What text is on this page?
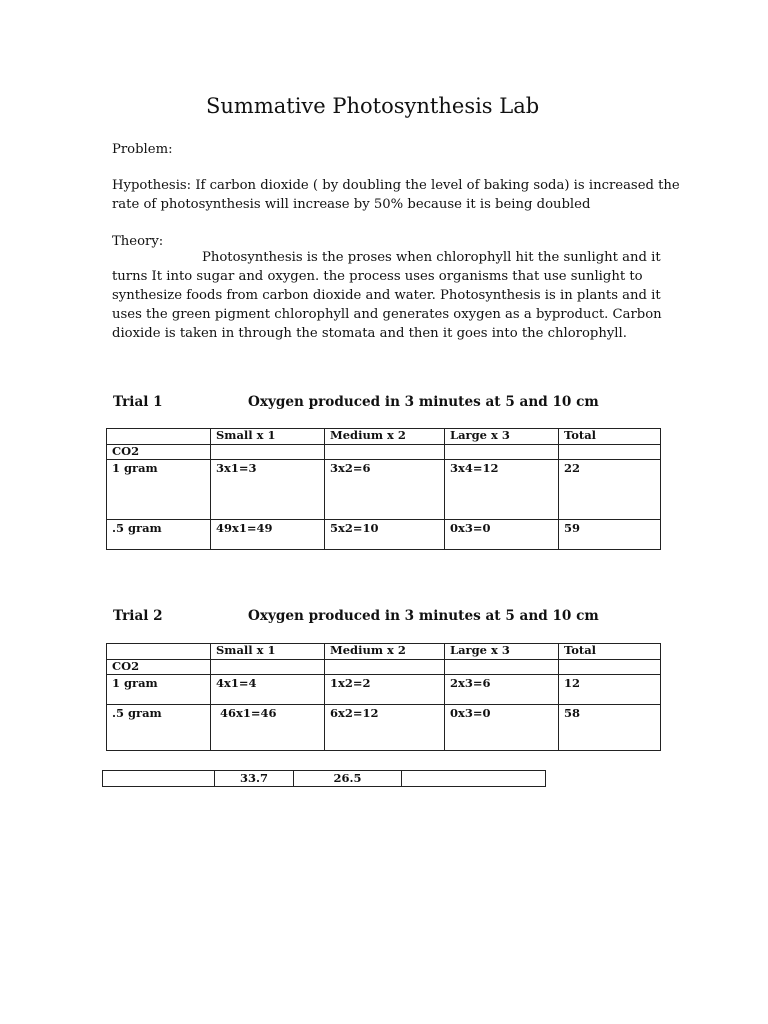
Summative Photosynthesis Lab
Problem:
Hypothesis: If carbon dioxide ( by doubling the level of baking soda) is increased the
rate of photosynthesis will increase by 50% because it is being doubled
Theory:
Photosynthesis is the proses when chlorophyll hit the sunlight and it
turns It into sugar and oxygen. the process uses organisms that use sunlight to
synthesize foods from carbon dioxide and water. Photosynthesis is in plants and it
uses the green pigment chlorophyll and generates oxygen as a byproduct. Carbon
dioxide is taken in through the stomata and then it goes into the chlorophyll.
Trial 1	Oxygen produced in 3 minutes at 5 and 10 cm
	Small x 1	Medium x 2	Large x 3	Total
CO2				
1 gram	3x1=3	3x2=6	3x4=12	22
.5 gram	49x1=49	5x2=10	0x3=0	59
Trial 2	Oxygen produced in 3 minutes at 5 and 10 cm
	Small x 1	Medium x 2	Large x 3	Total
CO2				
1 gram	4x1=4	1x2=2	2x3=6	12
.5 gram	46x1=46	6x2=12	0x3=0	58
	33.7	26.5	
